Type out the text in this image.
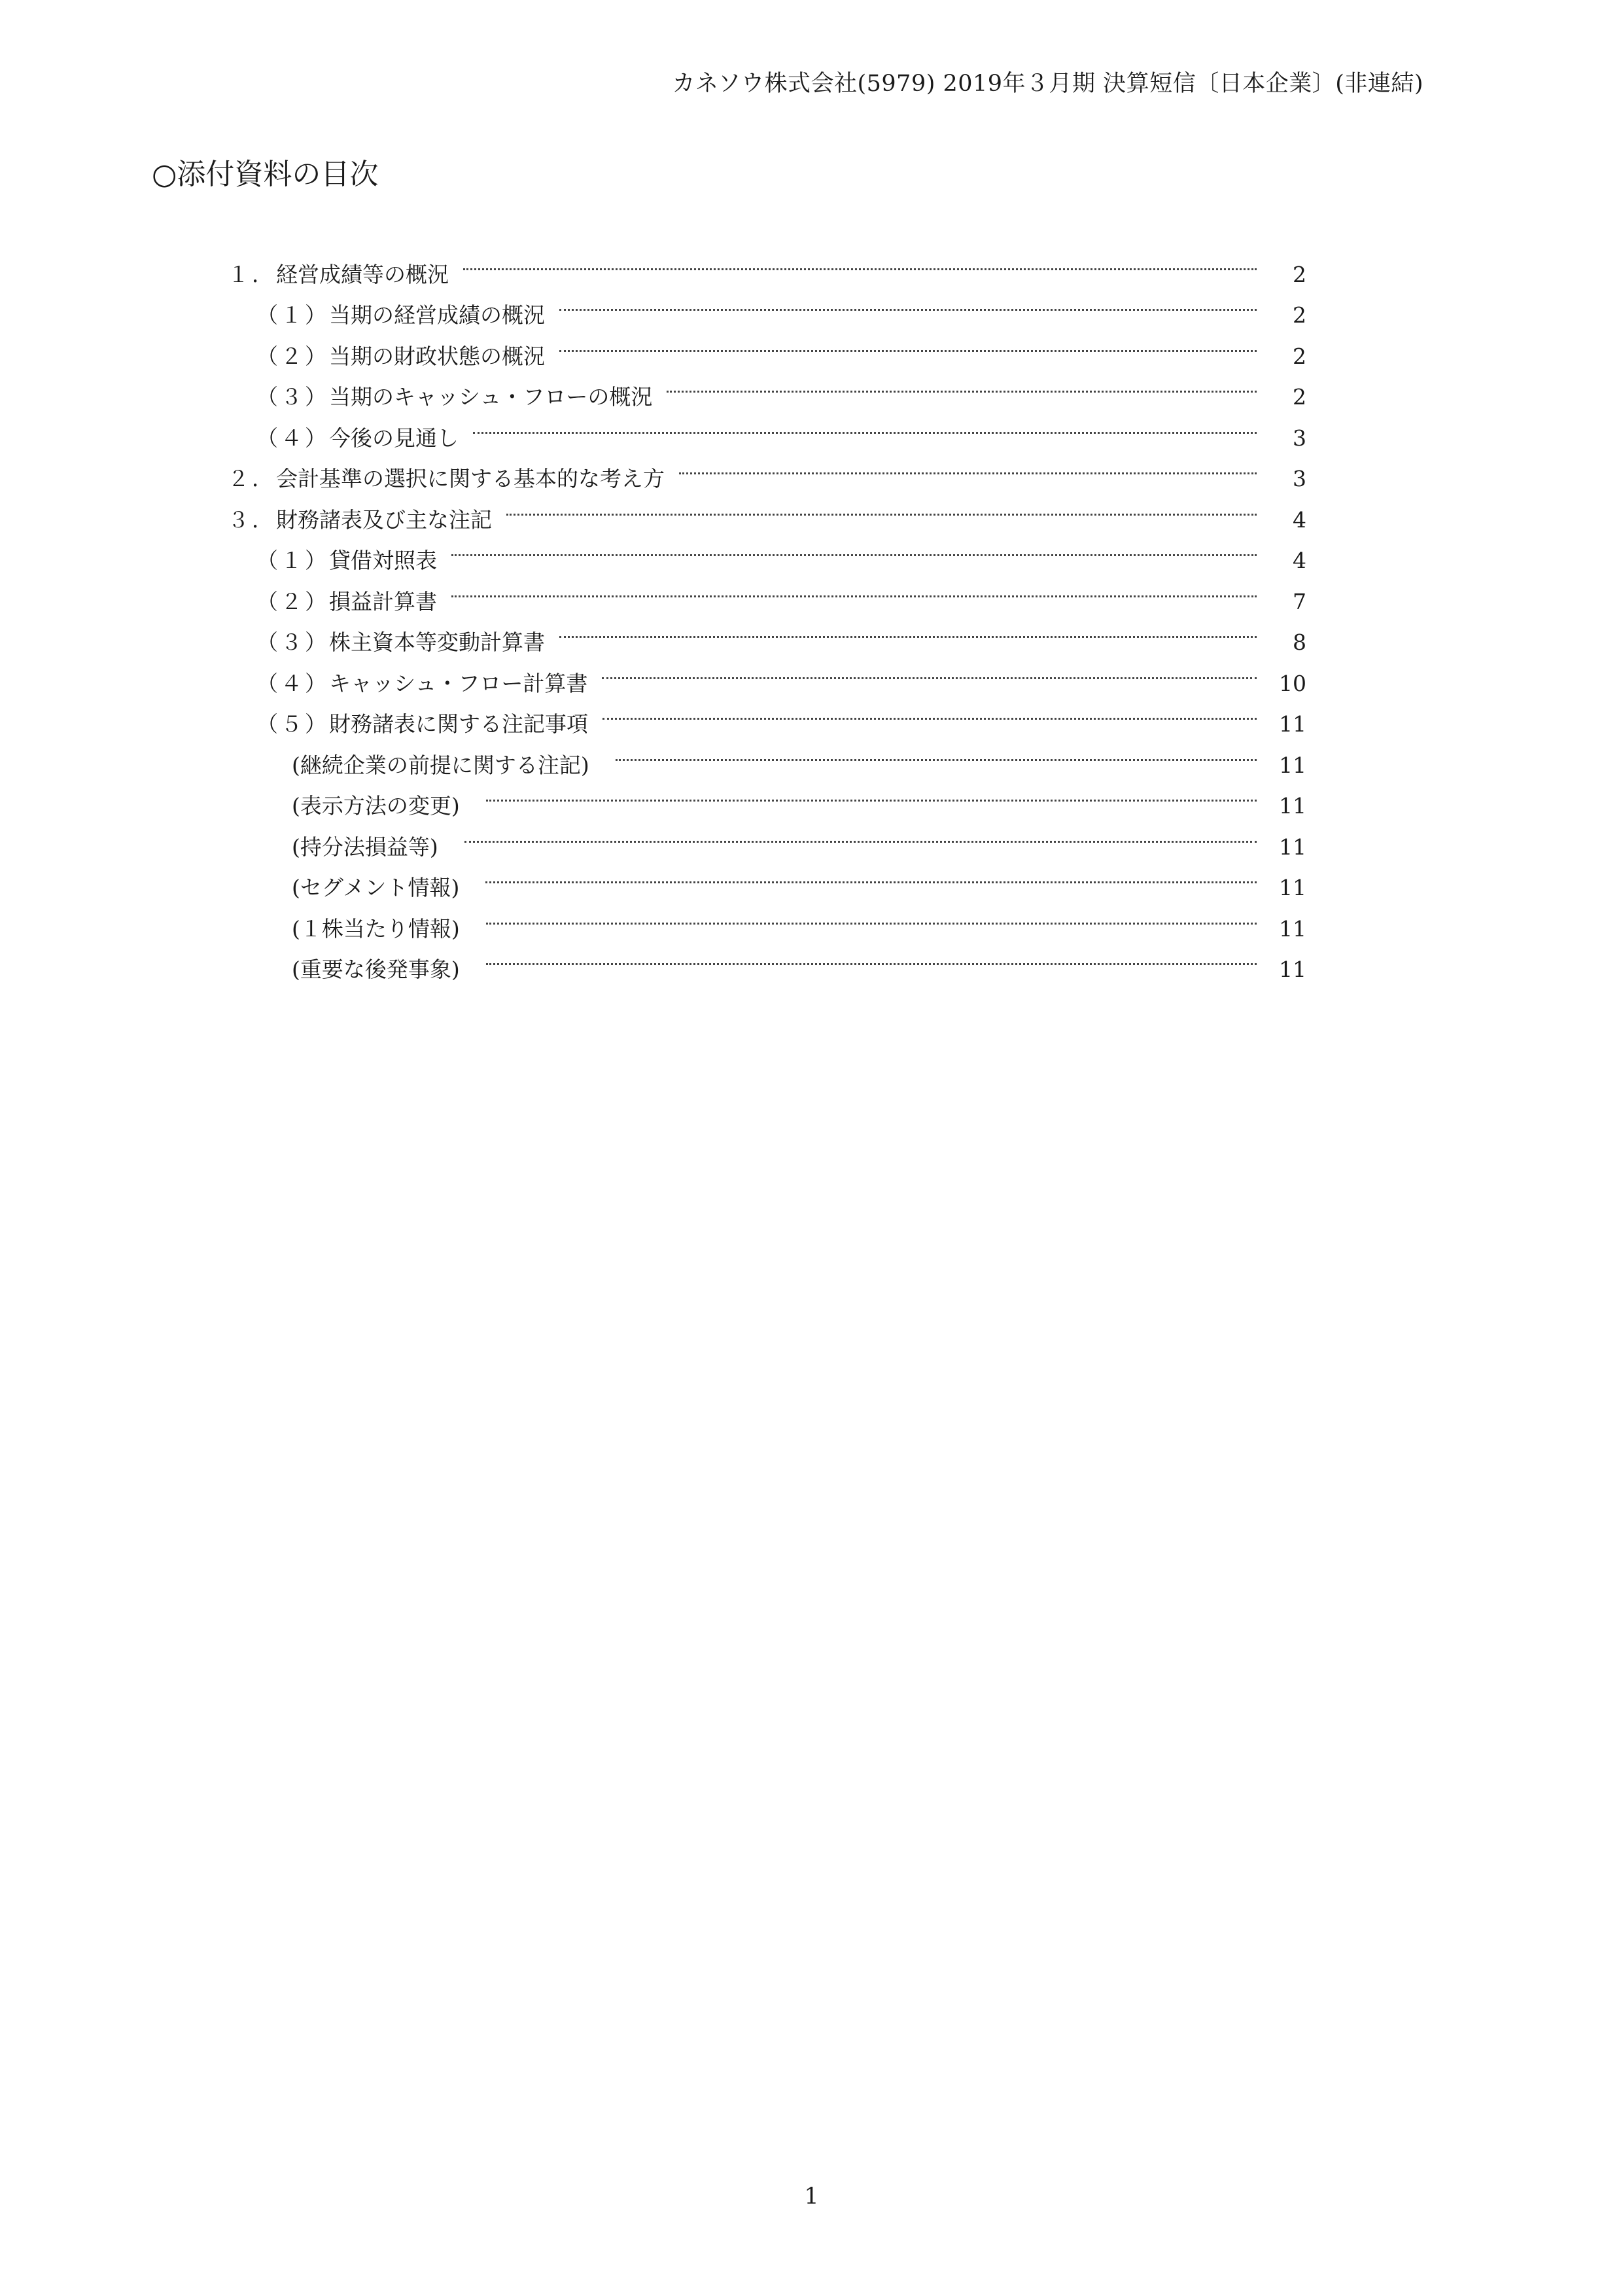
カネソウ株式会社(5979) 2019年３月期 決算短信〔日本企業〕(非連結)
○添付資料の目次
１． 経営成績等の概況	2
（１） 当期の経営成績の概況	2
（２） 当期の財政状態の概況	2
（３） 当期のキャッシュ・フローの概況	2
（４） 今後の見通し	3
２． 会計基準の選択に関する基本的な考え方	3
３． 財務諸表及び主な注記	4
（１） 貸借対照表	4
（２） 損益計算書	7
（３） 株主資本等変動計算書	8
（４） キャッシュ・フロー計算書	10
（５） 財務諸表に関する注記事項	11
(継続企業の前提に関する注記)	11
(表示方法の変更)	11
(持分法損益等)	11
(セグメント情報)	11
(１株当たり情報)	11
(重要な後発事象)	11
1
